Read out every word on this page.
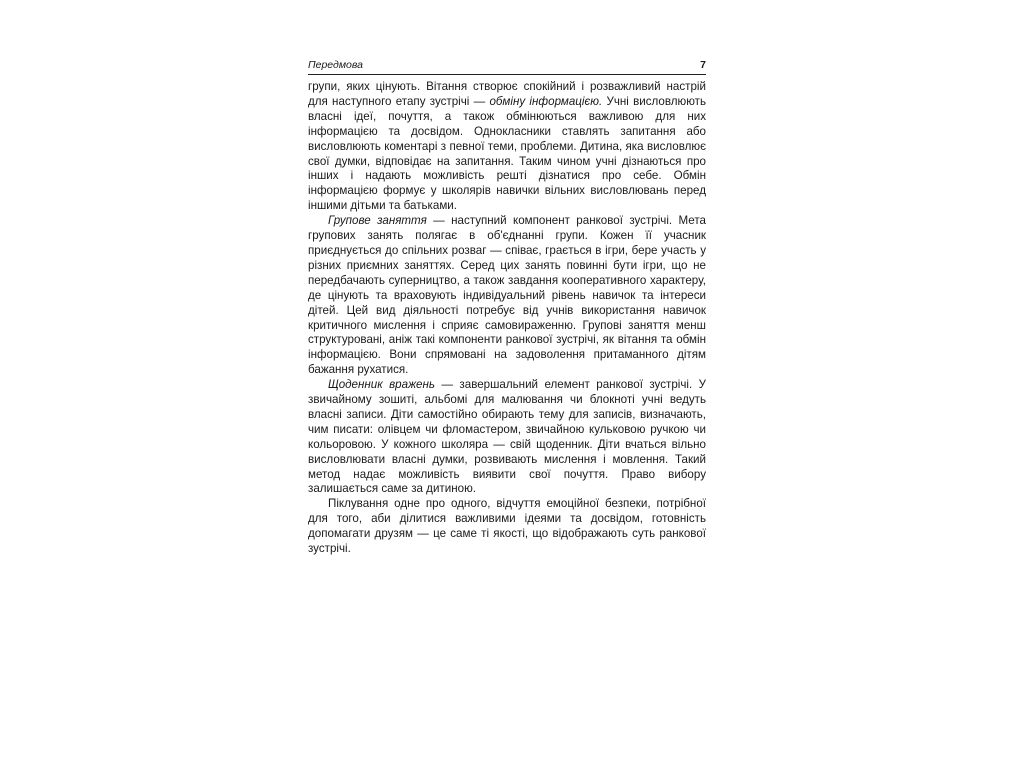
Передмова	7

групи, яких цінують. Вітання створює спокійний і розважливий настрій для наступного етапу зустрічі — обміну інформацією. Учні висловлюють власні ідеї, почуття, а також обмінюються важливою для них інформацією та досвідом. Однокласники ставлять запитання або висловлюють коментарі з певної теми, проблеми. Дитина, яка висловлює свої думки, відповідає на запитання. Таким чином учні дізнаються про інших і надають можливість решті дізнатися про себе. Обмін інформацією формує у школярів навички вільних висловлювань перед іншими дітьми та батьками.

Групове заняття — наступний компонент ранкової зустрічі. Мета групових занять полягає в об'єднанні групи. Кожен її учасник приєднується до спільних розваг — співає, грається в ігри, бере участь у різних приємних заняттях. Серед цих занять повинні бути ігри, що не передбачають суперництво, а також завдання кооперативного характеру, де цінують та враховують індивідуальний рівень навичок та інтереси дітей. Цей вид діяльності потребує від учнів використання навичок критичного мислення і сприяє самовираженню. Групові заняття менш структуровані, аніж такі компоненти ранкової зустрічі, як вітання та обмін інформацією. Вони спрямовані на задоволення притаманного дітям бажання рухатися.

Щоденник вражень — завершальний елемент ранкової зустрічі. У звичайному зошиті, альбомі для малювання чи блокноті учні ведуть власні записи. Діти самостійно обирають тему для записів, визначають, чим писати: олівцем чи фломастером, звичайною кульковою ручкою чи кольоровою. У кожного школяра — свій щоденник. Діти вчаться вільно висловлювати власні думки, розвивають мислення і мовлення. Такий метод надає можливість виявити свої почуття. Право вибору залишається саме за дитиною.

Піклування одне про одного, відчуття емоційної безпеки, потрібної для того, аби ділитися важливими ідеями та досвідом, готовність допомагати друзям — це саме ті якості, що відображають суть ранкової зустрічі.
